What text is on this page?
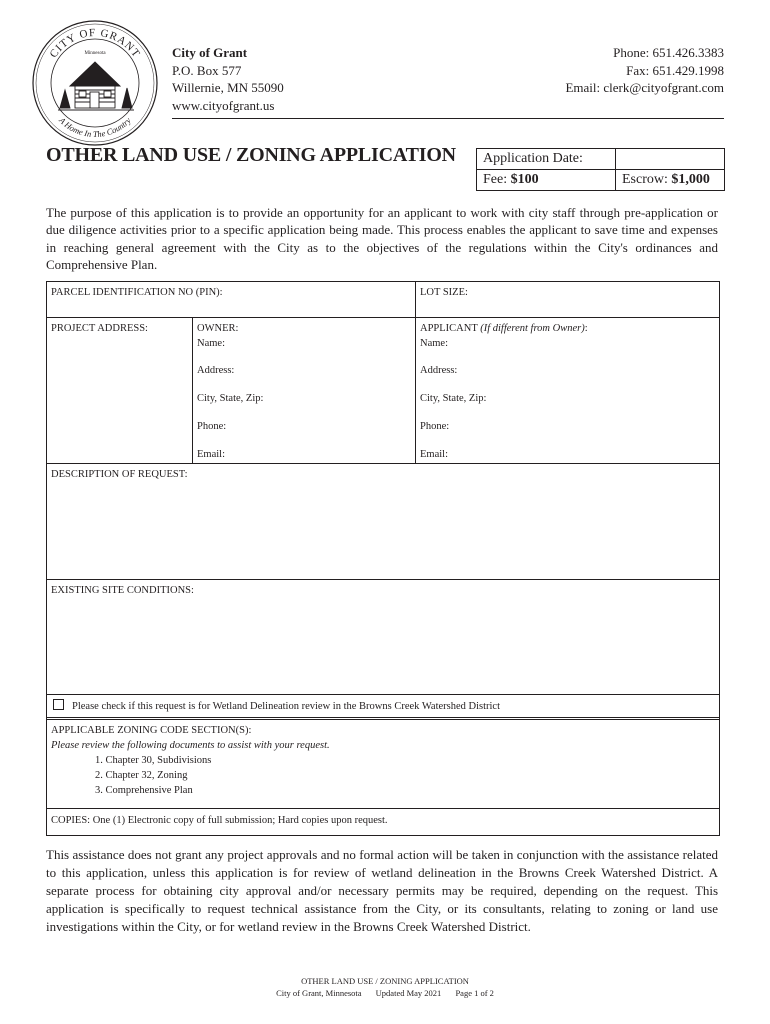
CITY OF GRANT
A Home In The Country
Minnesota	City of Grant
P.O. Box 577
Willernie, MN 55090
www.cityofgrant.us
Phone: 651.426.3383
Fax: 651.429.1998
Email: clerk@cityofgrant.com
OTHER LAND USE / ZONING APPLICATION Application Date:	
Fee: $100	Escrow: $1,000
The purpose of this application is to provide an opportunity for an applicant to work with city staff through pre-application or due diligence activities prior to a specific application being made. This process enables the applicant to save time and expenses in reaching general agreement with the City as to the objectives of the regulations within the City's ordinances and Comprehensive Plan.
PARCEL IDENTIFICATION NO (PIN):	LOT SIZE:
PROJECT ADDRESS:	OWNER:
Name:
Address:
City, State, Zip:
Phone:
Email:
APPLICANT (If different from Owner):
Name:
Address:
City, State, Zip:
Phone:
Email:
DESCRIPTION OF REQUEST:
EXISTING SITE CONDITIONS:
Please check if this request is for Wetland Delineation review in the Browns Creek Watershed District
APPLICABLE ZONING CODE SECTION(S):
Please review the following documents to assist with your request.
1. Chapter 30, Subdivisions
2. Chapter 32, Zoning
3. Comprehensive Plan
COPIES: One (1) Electronic copy of full submission; Hard copies upon request.
This assistance does not grant any project approvals and no formal action will be taken in conjunction with the assistance related to this application, unless this application is for review of wetland delineation in the Browns Creek Watershed District. A separate process for obtaining city approval and/or necessary permits may be required, depending on the request. This application is specifically to request technical assistance from the City, or its consultants, relating to zoning or land use investigations within the City, or for wetland review in the Browns Creek Watershed District.
OTHER LAND USE / ZONING APPLICATION
City of Grant, Minnesota Updated May 2021 Page 1 of 2
